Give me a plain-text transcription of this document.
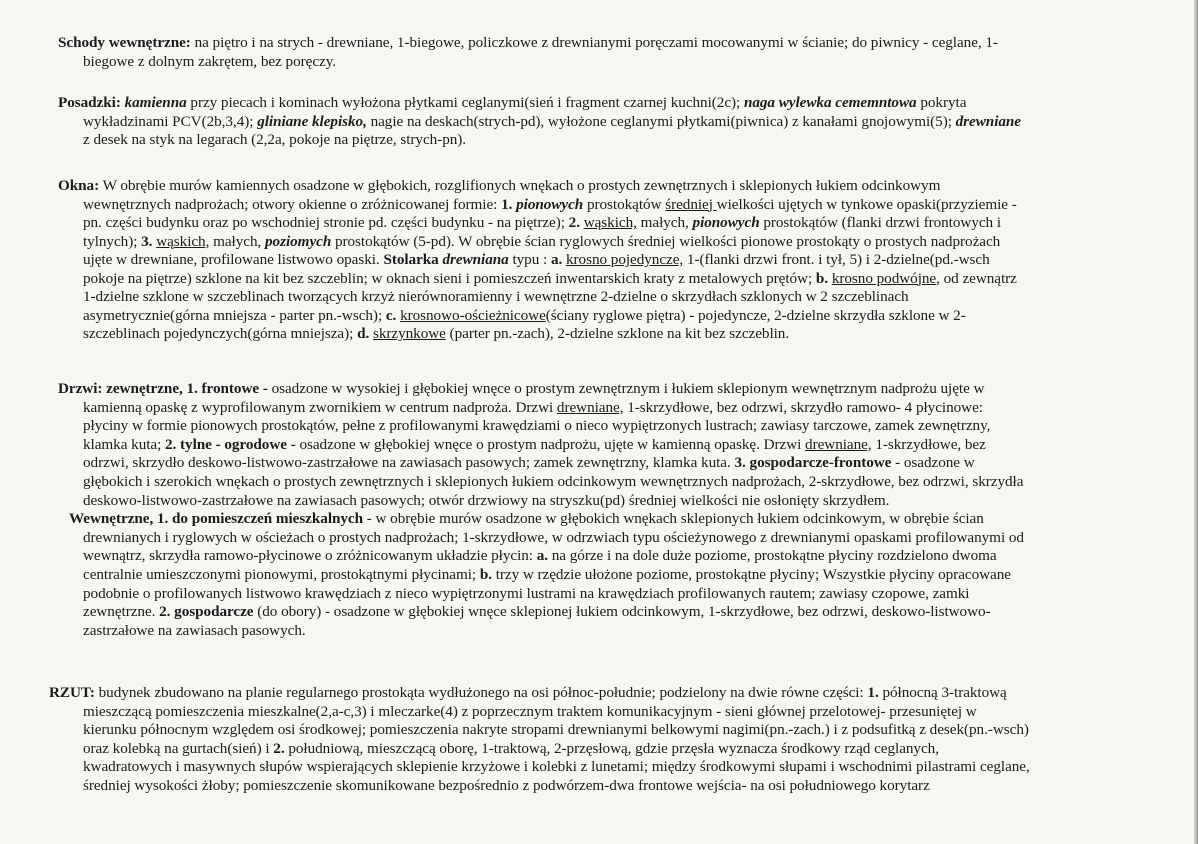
Schody wewnętrzne: na piętro i na strych - drewniane, 1-biegowe, policzkowe z drewnianymi poręczami mocowanymi w ścianie; do piwnicy - ceglane, 1-
biegowe z dolnym zakrętem, bez poręczy.
Posadzki: kamienna przy piecach i kominach wyłożona płytkami ceglanymi(sień i fragment czarnej kuchni(2c); naga wylewka cememntowa pokryta
wykładzinami PCV(2b,3,4); gliniane klepisko, nagie na deskach(strych-pd), wyłożone ceglanymi płytkami(piwnica) z kanałami gnojowymi(5); drewniane
z desek na styk na legarach (2,2a, pokoje na piętrze, strych-pn).
Okna: W obrębie murów kamiennych osadzone w głębokich, rozglifionych wnękach o prostych zewnętrznych i sklepionych łukiem odcinkowym
wewnętrznych nadprożach; otwory okienne o zróżnicowanej formie: 1. pionowych prostokątów średniej wielkości ujętych w tynkowe opaski(przyziemie -
pn. części budynku oraz po wschodniej stronie pd. części budynku - na piętrze); 2. wąskich, małych, pionowych prostokątów (flanki drzwi frontowych i
tylnych); 3. wąskich, małych, poziomych prostokątów (5-pd). W obrębie ścian ryglowych średniej wielkości pionowe prostokąty o prostych nadprożach
ujęte w drewniane, profilowane listwowo opaski. Stolarka drewniana typu : a. krosno pojedyncze, 1-(flanki drzwi front. i tył, 5) i 2-dzielne(pd.-wsch
pokoje na piętrze) szklone na kit bez szczeblin; w oknach sieni i pomieszczeń inwentarskich kraty z metalowych prętów; b. krosno podwójne, od zewnątrz
1-dzielne szklone w szczeblinach tworzących krzyż nierównoramienny i wewnętrzne 2-dzielne o skrzydłach szklonych w 2 szczeblinach
asymetrycznie(górna mniejsza - parter pn.-wsch); c. krosnowo-ościeżnicowe(ściany ryglowe piętra) - pojedyncze, 2-dzielne skrzydła szklone w 2-
szczeblinach pojedynczych(górna mniejsza); d. skrzynkowe (parter pn.-zach), 2-dzielne szklone na kit bez szczeblin.
Drzwi: zewnętrzne, 1. frontowe - osadzone w wysokiej i głębokiej wnęce o prostym zewnętrznym i łukiem sklepionym wewnętrznym nadprożu ujęte w
kamienną opaskę z wyprofilowanym zwornikiem w centrum nadproża. Drzwi drewniane, 1-skrzydłowe, bez odrzwi, skrzydło ramowo- 4 płycinowe:
płyciny w formie pionowych prostokątów, pełne z profilowanymi krawędziami o nieco wypiętrzonych lustrach; zawiasy tarczowe, zamek zewnętrzny,
klamka kuta; 2. tylne - ogrodowe - osadzone w głębokiej wnęce o prostym nadprożu, ujęte w kamienną opaskę. Drzwi drewniane, 1-skrzydłowe, bez
odrzwi, skrzydło deskowo-listwowo-zastrzałowe na zawiasach pasowych; zamek zewnętrzny, klamka kuta. 3. gospodarcze-frontowe - osadzone w
głębokich i szerokich wnękach o prostych zewnętrznych i sklepionych łukiem odcinkowym wewnętrznych nadprożach, 2-skrzydłowe, bez odrzwi, skrzydła
deskowo-listwowo-zastrzałowe na zawiasach pasowych; otwór drzwiowy na stryszku(pd) średniej wielkości nie osłonięty skrzydłem.
Wewnętrzne, 1. do pomieszczeń mieszkalnych - w obrębie murów osadzone w głębokich wnękach sklepionych łukiem odcinkowym, w obrębie ścian
drewnianych i ryglowych w ościeżach o prostych nadprożach; 1-skrzydłowe, w odrzwiach typu ościeżynowego z drewnianymi opaskami profilowanymi od
wewnątrz, skrzydła ramowo-płycinowe o zróżnicowanym układzie płycin: a. na górze i na dole duże poziome, prostokątne płyciny rozdzielono dwoma
centralnie umieszczonymi pionowymi, prostokątnymi płycinami; b. trzy w rzędzie ułożone poziome, prostokątne płyciny; Wszystkie płyciny opracowane
podobnie o profilowanych listwowo krawędziach z nieco wypiętrzonymi lustrami na krawędziach profilowanych rautem; zawiasy czopowe, zamki
zewnętrzne. 2. gospodarcze (do obory) - osadzone w głębokiej wnęce sklepionej łukiem odcinkowym, 1-skrzydłowe, bez odrzwi, deskowo-listwowo-
zastrzałowe na zawiasach pasowych.
RZUT: budynek zbudowano na planie regularnego prostokąta wydłużonego na osi północ-południe; podzielony na dwie równe części: 1. północną 3-traktową
mieszczącą pomieszczenia mieszkalne(2,a-c,3) i mleczarke(4) z poprzecznym traktem komunikacyjnym - sieni głównej przelotowej- przesuniętej w
kierunku północnym względem osi środkowej; pomieszczenia nakryte stropami drewnianymi belkowymi nagimi(pn.-zach.) i z podsufitką z desek(pn.-wsch)
oraz kolebką na gurtach(sień) i 2. południową, mieszczącą oborę, 1-traktową, 2-przęsłową, gdzie przęsła wyznacza środkowy rząd ceglanych,
kwadratowych i masywnych słupów wspierających sklepienie krzyżowe i kolebki z lunetami; między środkowymi słupami i wschodnimi pilastrami ceglane,
średniej wysokości żłoby; pomieszczenie skomunikowane bezpośrednio z podwórzem-dwa frontowe wejścia- na osi południowego korytarz
